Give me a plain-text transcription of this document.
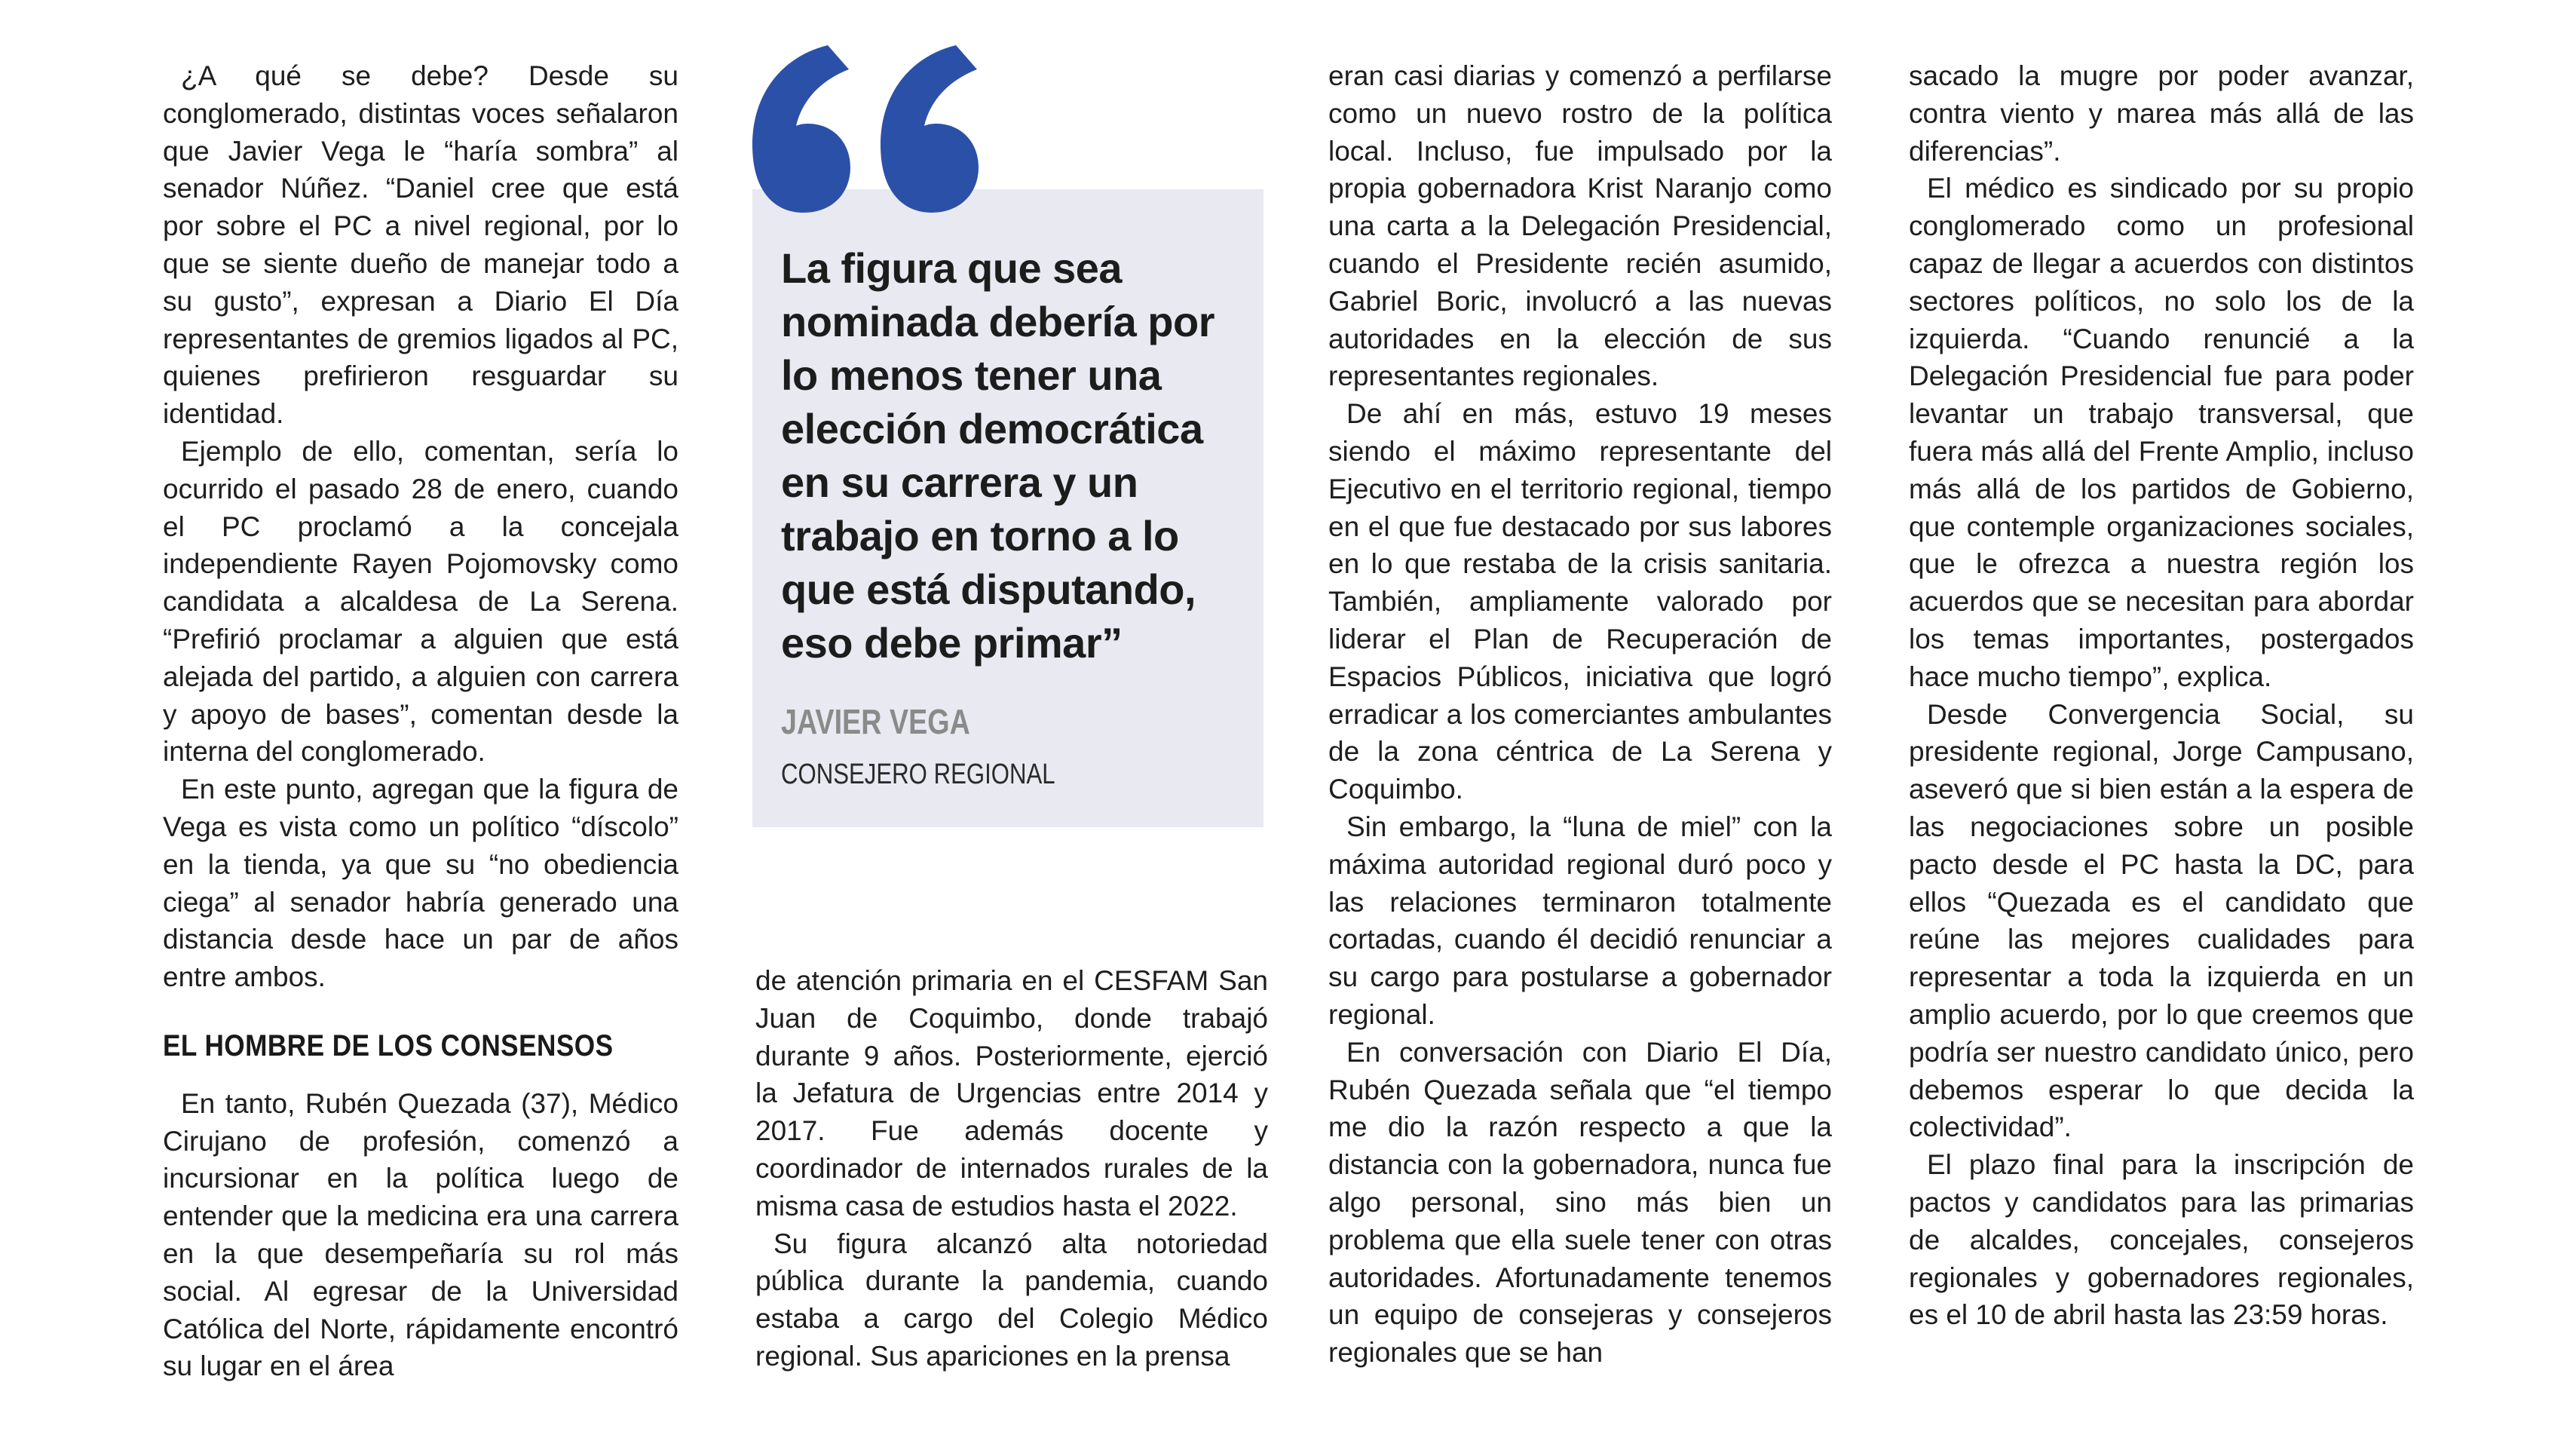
¿A qué se debe? Desde su conglomerado, distintas voces señalaron que Javier Vega le “haría sombra” al senador Núñez. “Daniel cree que está por sobre el PC a nivel regional, por lo que se siente dueño de manejar todo a su gusto”, expresan a Diario El Día representantes de gremios ligados al PC, quienes prefirieron resguardar su identidad.

Ejemplo de ello, comentan, sería lo ocurrido el pasado 28 de enero, cuando el PC proclamó a la concejala independiente Rayen Pojomovsky como candidata a alcaldesa de La Serena. “Prefirió proclamar a alguien que está alejada del partido, a alguien con carrera y apoyo de bases”, comentan desde la interna del conglomerado.

En este punto, agregan que la figura de Vega es vista como un político “díscolo” en la tienda, ya que su “no obediencia ciega” al senador habría generado una distancia desde hace un par de años entre ambos.

EL HOMBRE DE LOS CONSENSOS

En tanto, Rubén Quezada (37), Médico Cirujano de profesión, comenzó a incursionar en la política luego de entender que la medicina era una carrera en la que desempeñaría su rol más social. Al egresar de la Universidad Católica del Norte, rápidamente encontró su lugar en el área

La figura que sea nominada debería por lo menos tener una elección democrática en su carrera y un trabajo en torno a lo que está disputando, eso debe primar”
JAVIER VEGA
CONSEJERO REGIONAL

de atención primaria en el CESFAM San Juan de Coquimbo, donde trabajó durante 9 años. Posteriormente, ejerció la Jefatura de Urgencias entre 2014 y 2017. Fue además docente y coordinador de internados rurales de la misma casa de estudios hasta el 2022.

Su figura alcanzó alta notoriedad pública durante la pandemia, cuando estaba a cargo del Colegio Médico regional. Sus apariciones en la prensa

eran casi diarias y comenzó a perfilarse como un nuevo rostro de la política local. Incluso, fue impulsado por la propia gobernadora Krist Naranjo como una carta a la Delegación Presidencial, cuando el Presidente recién asumido, Gabriel Boric, involucró a las nuevas autoridades en la elección de sus representantes regionales.

De ahí en más, estuvo 19 meses siendo el máximo representante del Ejecutivo en el territorio regional, tiempo en el que fue destacado por sus labores en lo que restaba de la crisis sanitaria. También, ampliamente valorado por liderar el Plan de Recuperación de Espacios Públicos, iniciativa que logró erradicar a los comerciantes ambulantes de la zona céntrica de La Serena y Coquimbo.

Sin embargo, la “luna de miel” con la máxima autoridad regional duró poco y las relaciones terminaron totalmente cortadas, cuando él decidió renunciar a su cargo para postularse a gobernador regional.

En conversación con Diario El Día, Rubén Quezada señala que “el tiempo me dio la razón respecto a que la distancia con la gobernadora, nunca fue algo personal, sino más bien un problema que ella suele tener con otras autoridades. Afortunadamente tenemos un equipo de consejeras y consejeros regionales que se han

sacado la mugre por poder avanzar, contra viento y marea más allá de las diferencias”.

El médico es sindicado por su propio conglomerado como un profesional capaz de llegar a acuerdos con distintos sectores políticos, no solo los de la izquierda. “Cuando renuncié a la Delegación Presidencial fue para poder levantar un trabajo transversal, que fuera más allá del Frente Amplio, incluso más allá de los partidos de Gobierno, que contemple organizaciones sociales, que le ofrezca a nuestra región los acuerdos que se necesitan para abordar los temas importantes, postergados hace mucho tiempo”, explica.

Desde Convergencia Social, su presidente regional, Jorge Campusano, aseveró que si bien están a la espera de las negociaciones sobre un posible pacto desde el PC hasta la DC, para ellos “Quezada es el candidato que reúne las mejores cualidades para representar a toda la izquierda en un amplio acuerdo, por lo que creemos que podría ser nuestro candidato único, pero debemos esperar lo que decida la colectividad”.

El plazo final para la inscripción de pactos y candidatos para las primarias de alcaldes, concejales, consejeros regionales y gobernadores regionales, es el 10 de abril hasta las 23:59 horas.
